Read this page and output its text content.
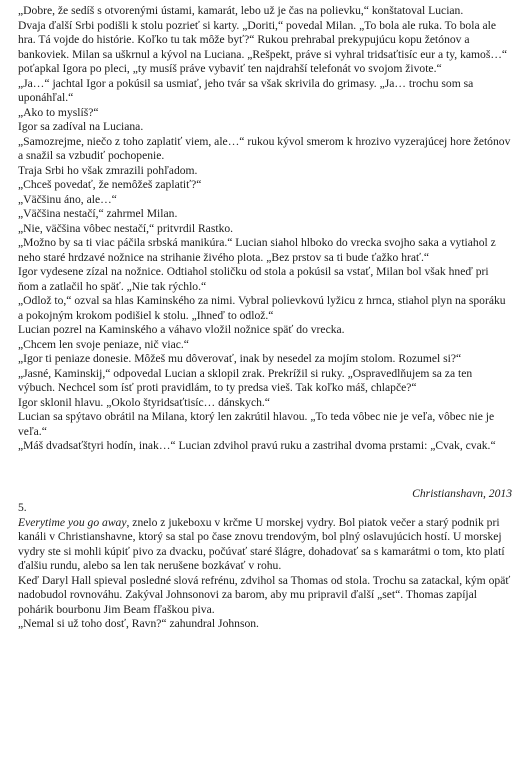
„Dobre, že sedíš s otvorenými ústami, kamarát, lebo už je čas na polievku,“ konštatoval Lucian.

Dvaja ďalší Srbi podišli k stolu pozrieť si karty. „Doriti,“ povedal Milan. „To bola ale ruka. To bola ale hra. Tá vojde do histórie. Koľko tu tak môže byť?“ Rukou prehrabal prekypujúcu kopu žetónov a bankoviek. Milan sa uškrnul a kývol na Luciana. „Rešpekt, práve si vyhral tridsaťtisíc eur a ty, kamoš…“ poťapkal Igora po pleci, „ty musíš práve vybaviť ten najdrahší telefonát vo svojom živote.“

„Ja…“ jachtal Igor a pokúsil sa usmiať, jeho tvár sa však skrivila do grimasy. „Ja… trochu som sa uponáhľal.“

„Ako to myslíš?“

Igor sa zadíval na Luciana.

„Samozrejme, niečo z toho zaplatiť viem, ale…“ rukou kývol smerom k hrozivo vyzerajúcej hore žetónov a snažil sa vzbudiť pochopenie.

Traja Srbi ho však zmrazili pohľadom.

„Chceš povedať, že nemôžeš zaplatiť?“

„Väčšinu áno, ale…“

„Väčšina nestačí,“ zahrmel Milan.

„Nie, väčšina vôbec nestačí,“ pritvrdil Rastko.

„Možno by sa ti viac páčila srbská manikúra.“ Lucian siahol hlboko do vrecka svojho saka a vytiahol z neho staré hrdzavé nožnice na strihanie živého plota. „Bez prstov sa ti bude ťažko hrať.“

Igor vydesene zízal na nožnice. Odtiahol stoličku od stola a pokúsil sa vstať, Milan bol však hneď pri ňom a zatlačil ho späť. „Nie tak rýchlo.“

„Odlož to,“ ozval sa hlas Kaminského za nimi. Vybral polievkovú lyžicu z hrnca, stiahol plyn na sporáku a pokojným krokom podišiel k stolu. „Ihneď to odlož.“

Lucian pozrel na Kaminského a váhavo vložil nožnice späť do vrecka.

„Chcem len svoje peniaze, nič viac.“

„Igor ti peniaze donesie. Môžeš mu dôverovať, inak by nesedel za mojím stolom. Rozumel si?“

„Jasné, Kaminskij,“ odpovedal Lucian a sklopil zrak. Prekrížil si ruky. „Ospravedlňujem sa za ten výbuch. Nechcel som ísť proti pravidlám, to ty predsa vieš. Tak koľko máš, chlapče?“

Igor sklonil hlavu. „Okolo štyridsaťtisíc… dánskych.“

Lucian sa spýtavo obrátil na Milana, ktorý len zakrútil hlavou. „To teda vôbec nie je veľa, vôbec nie je veľa.“

„Máš dvadsaťštyri hodín, inak…“ Lucian zdvihol pravú ruku a zastrihal dvoma prstami: „Cvak, cvak.“

Christianshavn, 2013

5.

Everytime you go away, znelo z jukeboxu v krčme U morskej vydry. Bol piatok večer a starý podnik pri kanáli v Christianshavne, ktorý sa stal po čase znovu trendovým, bol plný oslavujúcich hostí. U morskej vydry ste si mohli kúpiť pivo za dvacku, počúvať staré šlágre, dohadovať sa s kamarátmi o tom, kto platí ďalšiu rundu, alebo sa len tak nerušene bozkávať v rohu.

Keď Daryl Hall spieval posledné slová refrénu, zdvihol sa Thomas od stola. Trochu sa zatackal, kým opäť nadobudol rovnováhu. Zakýval Johnsonovi za barom, aby mu pripravil ďalší „set“. Thomas zapíjal pohárik bourbonu Jim Beam fľaškou piva.

„Nemal si už toho dosť, Ravn?“ zahundral Johnson.
